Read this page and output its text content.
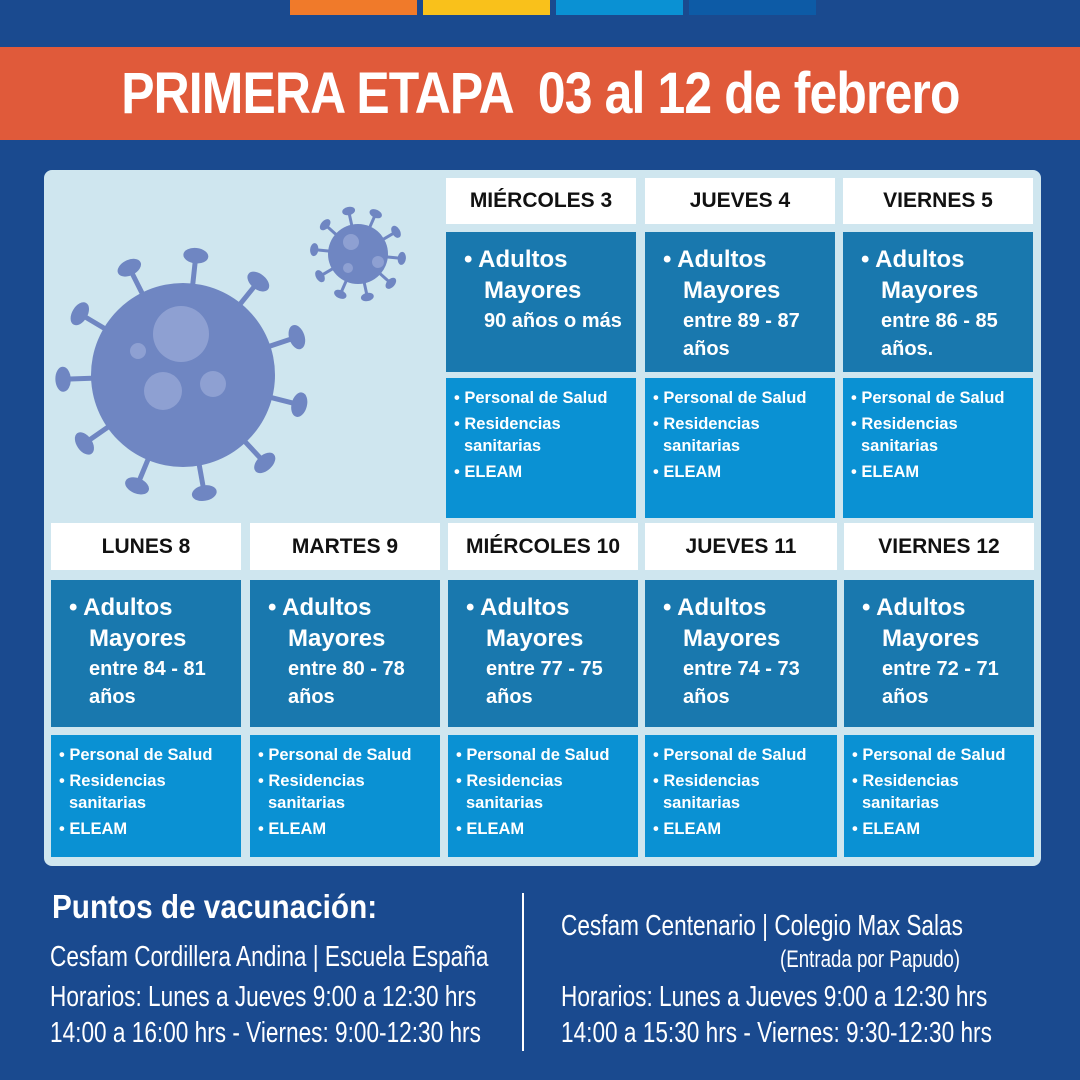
PRIMERA ETAPA  03 al 12 de febrero
MIÉRCOLES 3
• Adultos
Mayores
90 años o más
• Personal de Salud
• Residencias
sanitarias
• ELEAM
JUEVES 4
• Adultos
Mayores
entre 89 - 87
años
• Personal de Salud
• Residencias
sanitarias
• ELEAM
VIERNES 5
• Adultos
Mayores
entre 86 - 85
años.
• Personal de Salud
• Residencias
sanitarias
• ELEAM
LUNES 8
• Adultos
Mayores
entre 84 - 81
años
• Personal de Salud
• Residencias
sanitarias
• ELEAM
MARTES 9
• Adultos
Mayores
entre 80 - 78
años
• Personal de Salud
• Residencias
sanitarias
• ELEAM
MIÉRCOLES 10
• Adultos
Mayores
entre 77 - 75
años
• Personal de Salud
• Residencias
sanitarias
• ELEAM
JUEVES 11
• Adultos
Mayores
entre 74 - 73
años
• Personal de Salud
• Residencias
sanitarias
• ELEAM
VIERNES 12
• Adultos
Mayores
entre 72 - 71
años
• Personal de Salud
• Residencias
sanitarias
• ELEAM
Puntos de vacunación:
Cesfam Cordillera Andina | Escuela España
Horarios: Lunes a Jueves 9:00 a 12:30 hrs
14:00 a 16:00 hrs - Viernes: 9:00-12:30 hrs
Cesfam Centenario | Colegio Max Salas
(Entrada por Papudo)
Horarios: Lunes a Jueves 9:00 a 12:30 hrs
14:00 a 15:30 hrs - Viernes: 9:30-12:30 hrs
